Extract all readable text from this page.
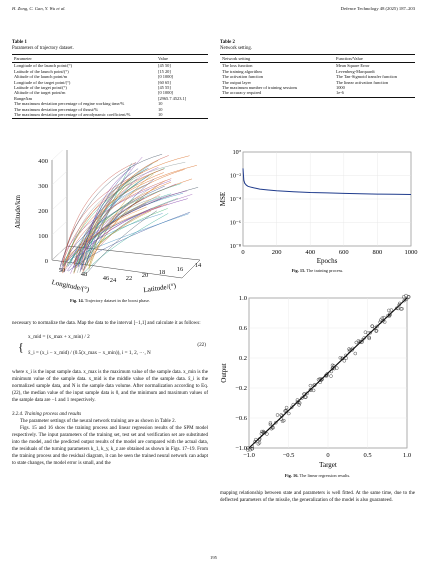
H. Zong, C. Gan, Y. Wu et al.	Defence Technology 48 (2025) 187–203
Table 1
Parameters of trajectory dataset.
Parameter	Value
Longitude of the launch point/(°)	[45 50]
Latitude of the launch point/(°)	[15 20]
Altitude of the launch point/m	[0 1000]
Longitude of the target point/(°)	[60 65]
Latitude of the target point/(°)	[45 55]
Altitude of the target point/m	[0 1000]
Range/km	[2965.7 4523.1]
The maximum deviation percentage of engine working time/%	10
The maximum deviation percentage of thrust/%	10
The maximum deviation percentage of aerodynamic coefficient/%	10
Table 2
Network setting.
Network setting	Function/Value
The loss function	Mean Square Error
The training algorithm	Levenberg-Marquardt
The activation function	The Tan-Sigmoid transfer function
The output layer	The linear activation function
The maximum number of training sessions	1000
The accuracy required	1e-6
0
100
200
300
400
Altitude/km
50
48
46 24 22 20 18 16
14
Longitude/(°)	Latitude/(°)
Fig. 14. Trajectory dataset in the boost phase.
10⁰
10⁻²
10⁻⁴
10⁻⁶
10⁻⁸
0	200	400	600	800	1000
Epochs
MSE
Fig. 15. The training process.
1.0
0.6
0.2
−0.2
−0.6
−1.0
−1.0	−0.5	0	0.5	1.0
Target
Output
Fig. 16. The linear regression results.

necessary to normalize the data. Map the data to the interval [−1,1] and calculate it as follows:

{
x_mid = (x_max + x_min) / 2
x̄_i = (x_i − x_mid) / (0.5(x_max − x_min)), i = 1, 2, ⋯, N
(22)

where x_i is the input sample data. x_max is the maximum value of the sample data. x_min is the minimum value of the sample data. x_mid is the middle value of the sample data. x̄_i is the normalized sample data, and N is the sample data volume. After normalization according to Eq. (22), the median value of the input sample data is 0, and the minimum and maximum values of the sample data are −1 and 1 respectively.

3.2.4. Training process and results

The parameter settings of the neural network training are as shown in Table 2.

Figs. 15 and 16 show the training process and linear regression results of the SPM model respectively. The input parameters of the training set, test set and verification set are substituted into the model, and the predicted output results of the model are compared with the actual data, the residuals of the turning parameters k_1, k_y, k_z are obtained as shown in Figs. 17–19. From the training process and the residual diagram, it can be seen the trained neural network can adapt to state changes, the model error is small, and the

mapping relationship between state and parameters is well fitted. At the same time, due to the deflected parameters of the missile, the generalization of the model is also guaranteed.

195
